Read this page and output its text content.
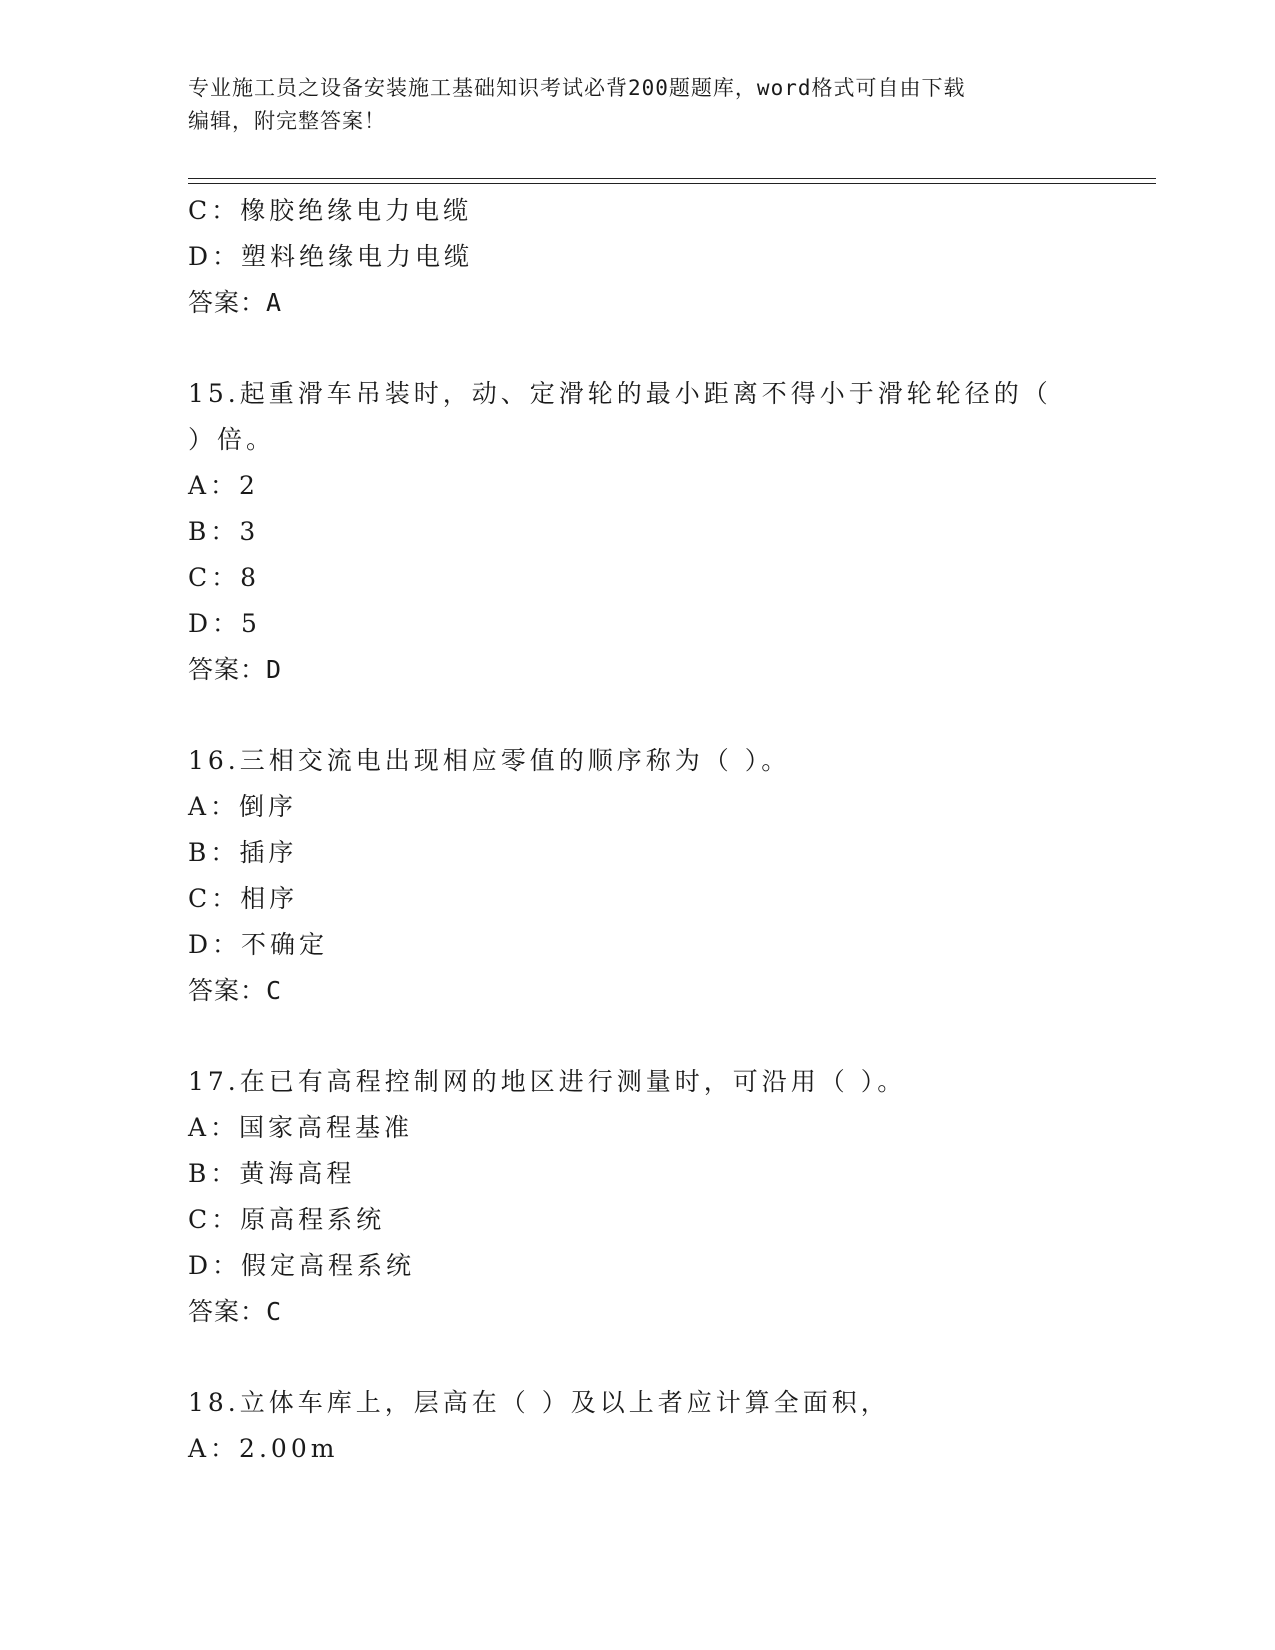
专业施工员之设备安装施工基础知识考试必背200题题库，word格式可自由下载
编辑，附完整答案！
C：橡胶绝缘电力电缆
D：塑料绝缘电力电缆
答案：A
15.起重滑车吊装时，动、定滑轮的最小距离不得小于滑轮轮径的（
）倍。
A：2
B：3
C：8
D：5
答案：D
16.三相交流电出现相应零值的顺序称为（ ）。
A：倒序
B：插序
C：相序
D：不确定
答案：C
17.在已有高程控制网的地区进行测量时，可沿用（ ）。
A：国家高程基准
B：黄海高程
C：原高程系统
D：假定高程系统
答案：C
18.立体车库上，层高在（ ）及以上者应计算全面积，
A：2.00m
